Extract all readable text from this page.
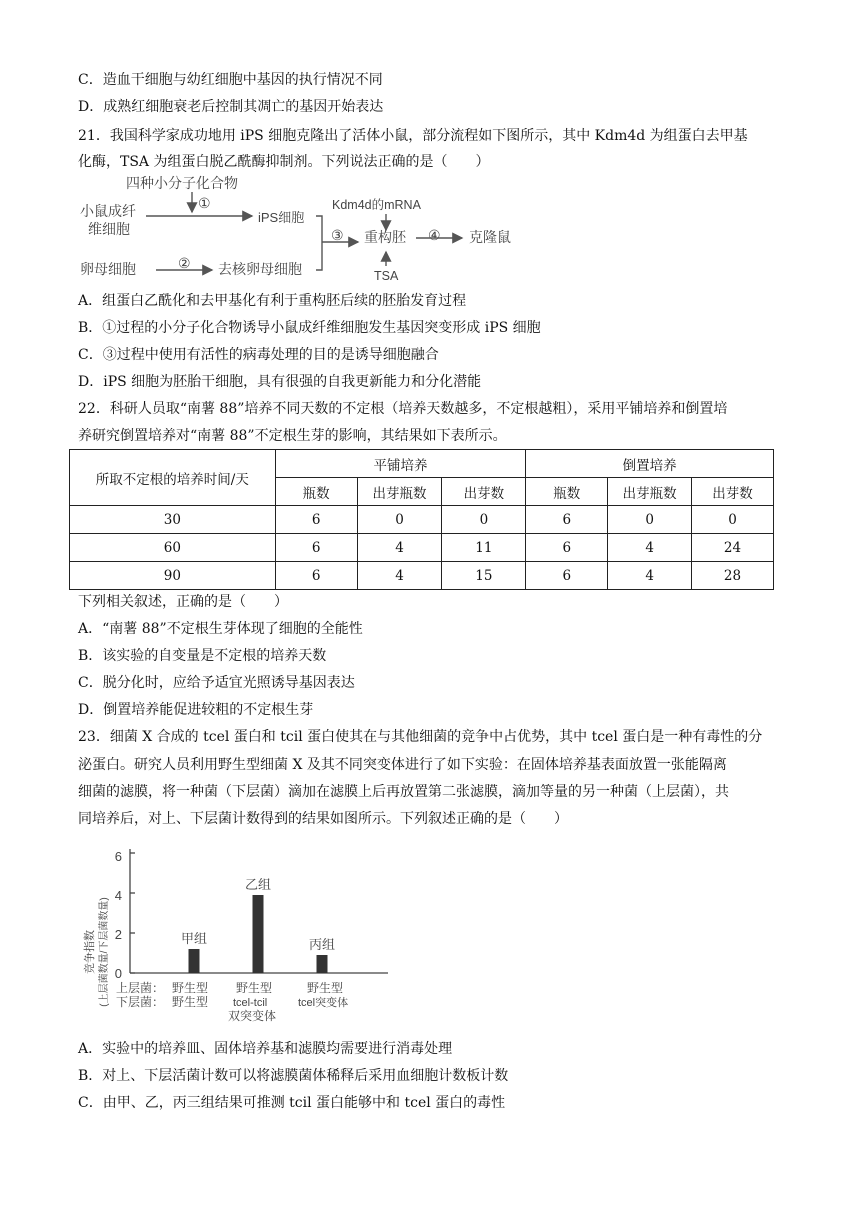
C．造血干细胞与幼红细胞中基因的执行情况不同
D．成熟红细胞衰老后控制其凋亡的基因开始表达
21．我国科学家成功地用 iPS 细胞克隆出了活体小鼠，部分流程如下图所示，其中 Kdm4d 为组蛋白去甲基
化酶，TSA 为组蛋白脱乙酰酶抑制剂。下列说法正确的是（　　）
四种小分子化合物
①
小鼠成纤
维细胞
iPS细胞
Kdm4d的mRNA
③ 重构胚 ④ 克隆鼠
卵母细胞	② 去核卵母细胞	TSA
A．组蛋白乙酰化和去甲基化有利于重构胚后续的胚胎发育过程
B．①过程的小分子化合物诱导小鼠成纤维细胞发生基因突变形成 iPS 细胞
C．③过程中使用有活性的病毒处理的目的是诱导细胞融合
D．iPS 细胞为胚胎干细胞，具有很强的自我更新能力和分化潜能
22．科研人员取“南薯 88”培养不同天数的不定根（培养天数越多，不定根越粗），采用平铺培养和倒置培
养研究倒置培养对“南薯 88”不定根生芽的影响，其结果如下表所示。
所取不定根的培养时间/天	平铺培养			倒置培养		
	瓶数	出芽瓶数	出芽数	瓶数	出芽瓶数	出芽数
30	6	0	0	6	0	0
60	6	4	11	6	4	24
90	6	4	15	6	4	28
下列相关叙述，正确的是（　　）
A．“南薯 88”不定根生芽体现了细胞的全能性
B．该实验的自变量是不定根的培养天数
C．脱分化时，应给予适宜光照诱导基因表达
D．倒置培养能促进较粗的不定根生芽
23．细菌 X 合成的 tcel 蛋白和 tcil 蛋白使其在与其他细菌的竞争中占优势，其中 tcel 蛋白是一种有毒性的分
泌蛋白。研究人员利用野生型细菌 X 及其不同突变体进行了如下实验：在固体培养基表面放置一张能隔离
细菌的滤膜，将一种菌（下层菌）滴加在滤膜上后再放置第二张滤膜，滴加等量的另一种菌（上层菌），共
同培养后，对上、下层菌计数得到的结果如图所示。下列叙述正确的是（　　）
竞争指数 (上层菌数量/下层菌数量) 0
2
4
6
上层菌：
下层菌：
野生型
野生型
野生型
tcel-tcil
双突变体
野生型
tcel突变体
甲组
乙组
丙组
A．实验中的培养皿、固体培养基和滤膜均需要进行消毒处理
B．对上、下层活菌计数可以将滤膜菌体稀释后采用血细胞计数板计数
C．由甲、乙，丙三组结果可推测 tcil 蛋白能够中和 tcel 蛋白的毒性
